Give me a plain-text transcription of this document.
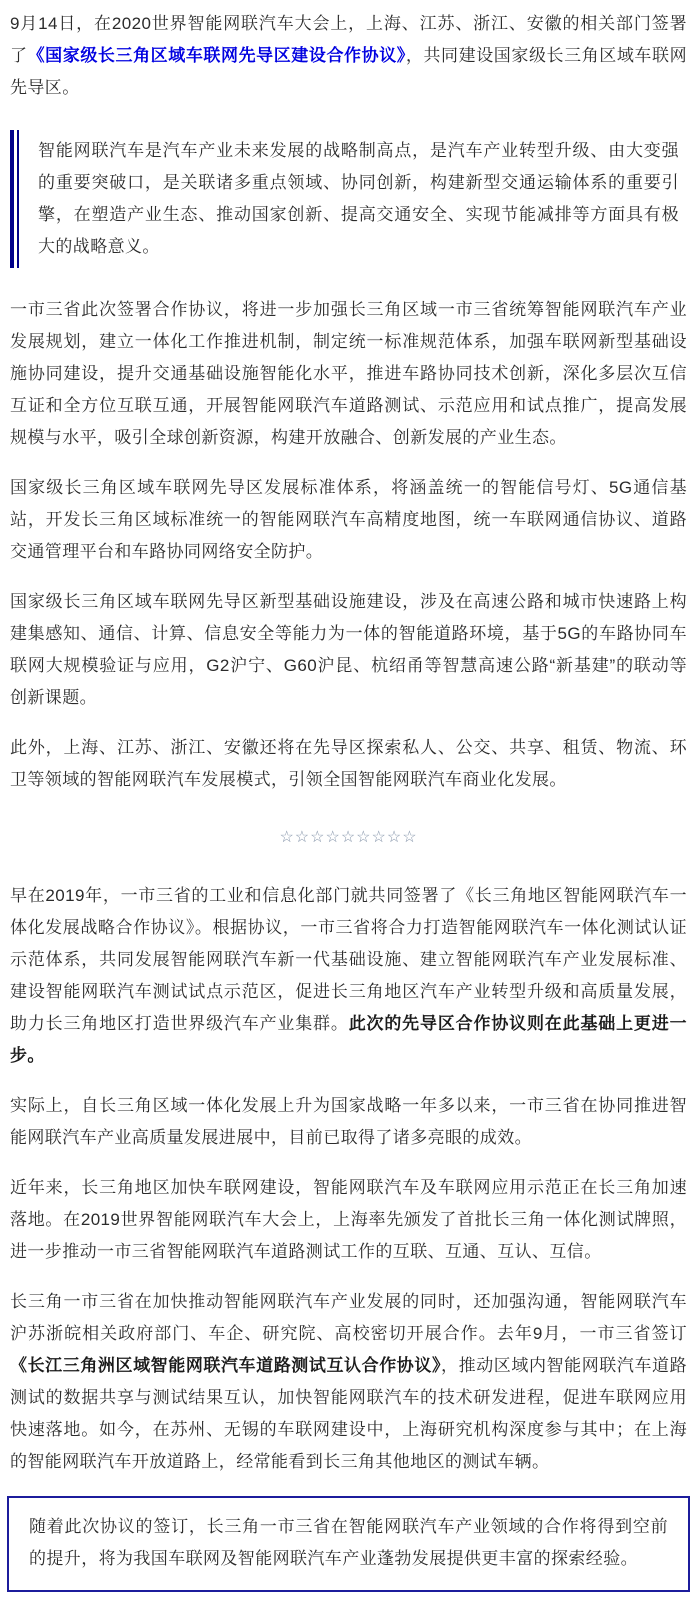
9月14日，在2020世界智能网联汽车大会上，上海、江苏、浙江、安徽的相关部门签署了《国家级长三角区域车联网先导区建设合作协议》，共同建设国家级长三角区域车联网先导区。

智能网联汽车是汽车产业未来发展的战略制高点，是汽车产业转型升级、由大变强的重要突破口，是关联诸多重点领域、协同创新，构建新型交通运输体系的重要引擎，在塑造产业生态、推动国家创新、提高交通安全、实现节能减排等方面具有极大的战略意义。

一市三省此次签署合作协议，将进一步加强长三角区域一市三省统筹智能网联汽车产业发展规划，建立一体化工作推进机制，制定统一标准规范体系，加强车联网新型基础设施协同建设，提升交通基础设施智能化水平，推进车路协同技术创新，深化多层次互信互证和全方位互联互通，开展智能网联汽车道路测试、示范应用和试点推广，提高发展规模与水平，吸引全球创新资源，构建开放融合、创新发展的产业生态。

国家级长三角区域车联网先导区发展标准体系，将涵盖统一的智能信号灯、5G通信基站，开发长三角区域标准统一的智能网联汽车高精度地图，统一车联网通信协议、道路交通管理平台和车路协同网络安全防护。

国家级长三角区域车联网先导区新型基础设施建设，涉及在高速公路和城市快速路上构建集感知、通信、计算、信息安全等能力为一体的智能道路环境，基于5G的车路协同车联网大规模验证与应用，G2沪宁、G60沪昆、杭绍甬等智慧高速公路“新基建”的联动等创新课题。

此外，上海、江苏、浙江、安徽还将在先导区探索私人、公交、共享、租赁、物流、环卫等领域的智能网联汽车发展模式，引领全国智能网联汽车商业化发展。

☆☆☆☆☆☆☆☆☆

早在2019年，一市三省的工业和信息化部门就共同签署了《长三角地区智能网联汽车一体化发展战略合作协议》。根据协议，一市三省将合力打造智能网联汽车一体化测试认证示范体系，共同发展智能网联汽车新一代基础设施、建立智能网联汽车产业发展标准、建设智能网联汽车测试试点示范区，促进长三角地区汽车产业转型升级和高质量发展，助力长三角地区打造世界级汽车产业集群。此次的先导区合作协议则在此基础上更进一步。

实际上，自长三角区域一体化发展上升为国家战略一年多以来，一市三省在协同推进智能网联汽车产业高质量发展进展中，目前已取得了诸多亮眼的成效。

近年来，长三角地区加快车联网建设，智能网联汽车及车联网应用示范正在长三角加速落地。在2019世界智能网联汽车大会上，上海率先颁发了首批长三角一体化测试牌照，进一步推动一市三省智能网联汽车道路测试工作的互联、互通、互认、互信。

长三角一市三省在加快推动智能网联汽车产业发展的同时，还加强沟通，智能网联汽车沪苏浙皖相关政府部门、车企、研究院、高校密切开展合作。去年9月，一市三省签订《长江三角洲区域智能网联汽车道路测试互认合作协议》，推动区域内智能网联汽车道路测试的数据共享与测试结果互认，加快智能网联汽车的技术研发进程，促进车联网应用快速落地。如今，在苏州、无锡的车联网建设中，上海研究机构深度参与其中；在上海的智能网联汽车开放道路上，经常能看到长三角其他地区的测试车辆。

随着此次协议的签订，长三角一市三省在智能网联汽车产业领域的合作将得到空前的提升，将为我国车联网及智能网联汽车产业蓬勃发展提供更丰富的探索经验。
